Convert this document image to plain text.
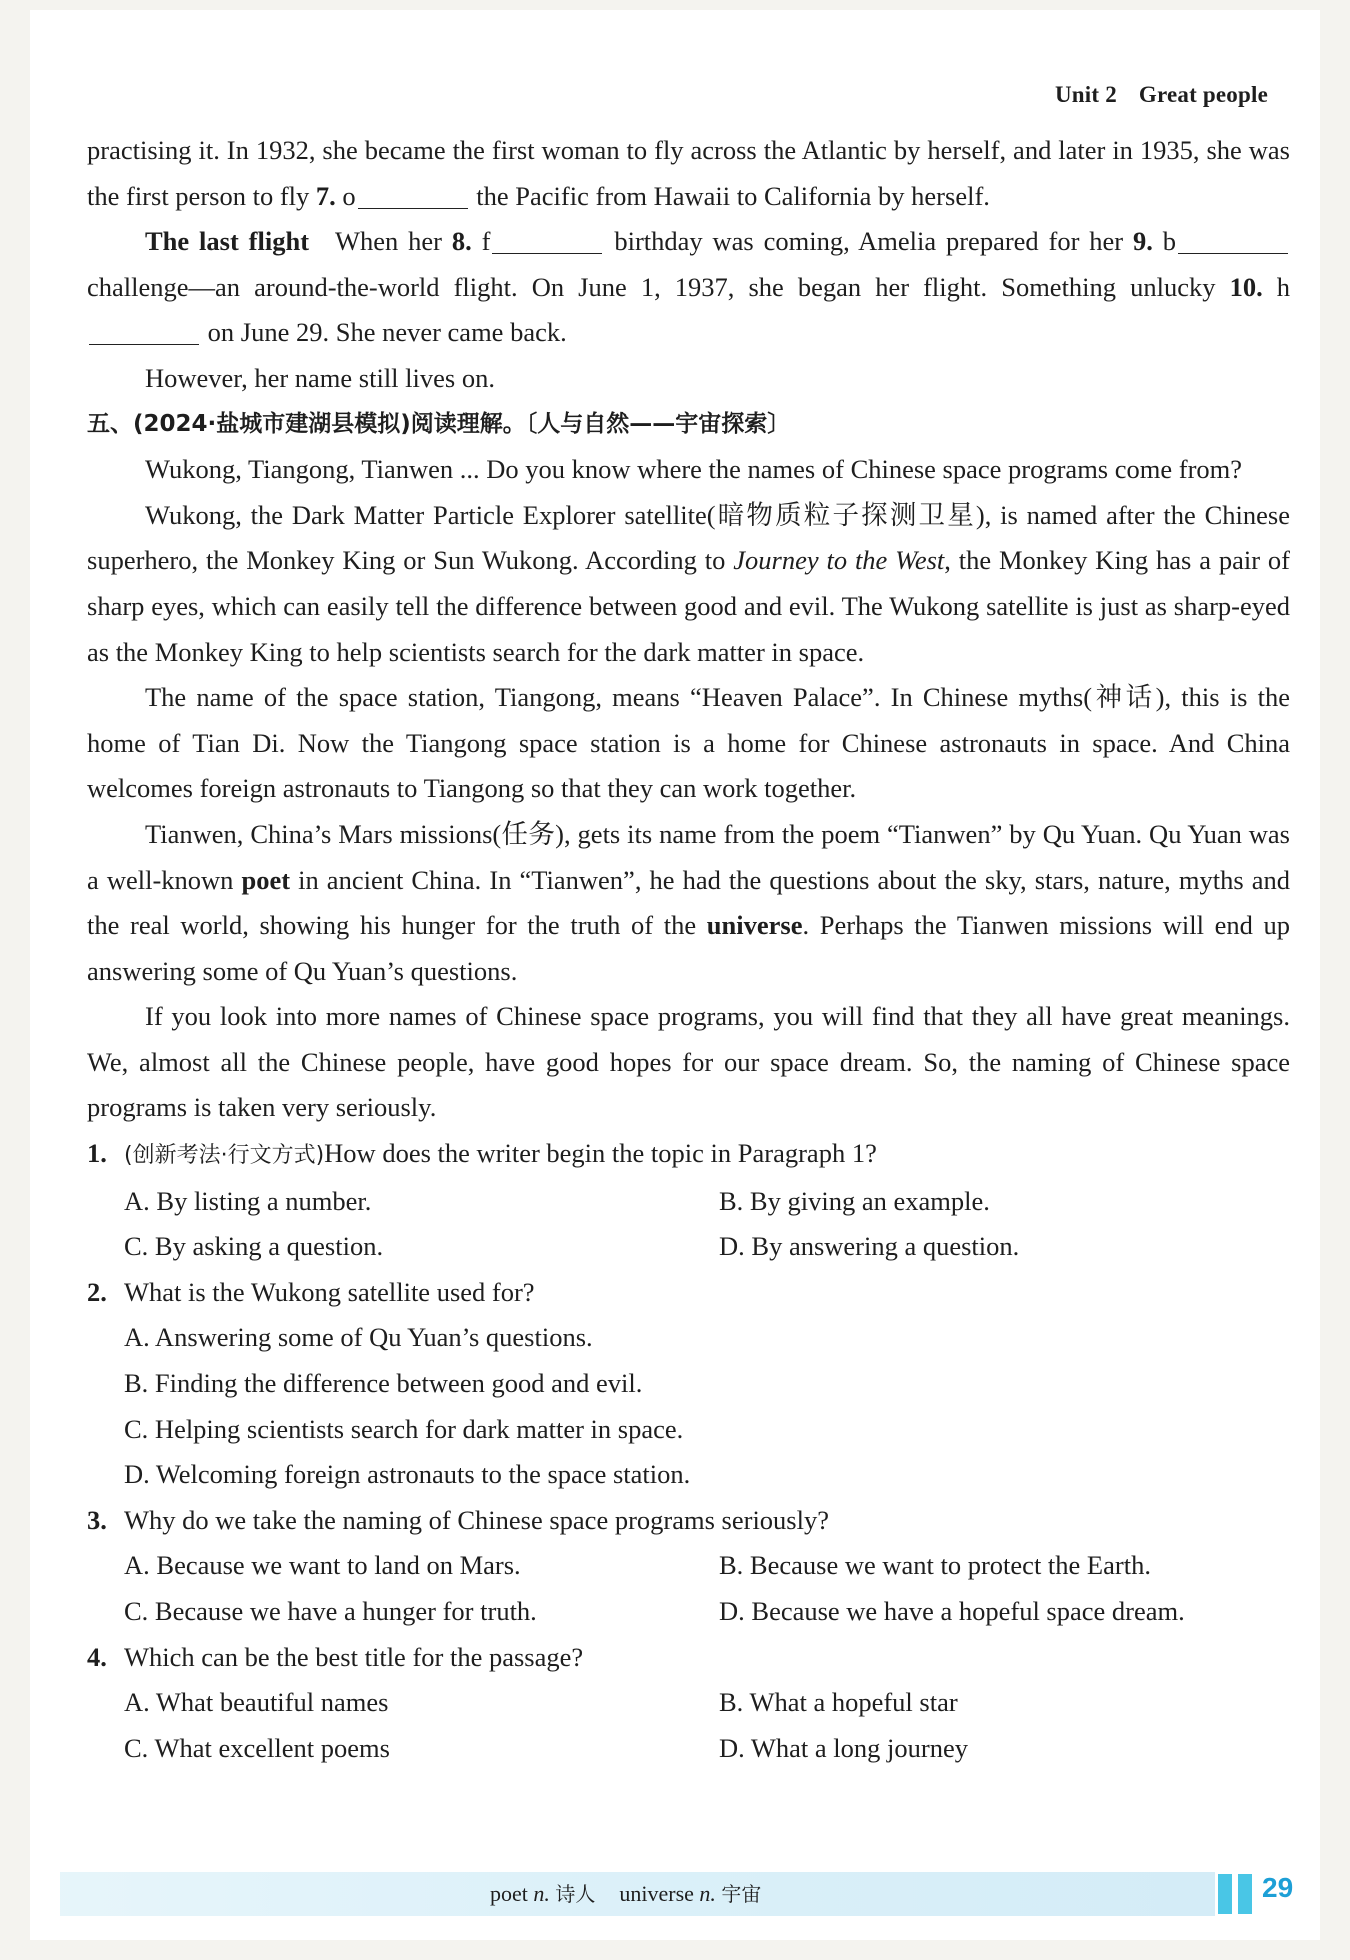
Unit 2 Great people

practising it. In 1932, she became the first woman to fly across the Atlantic by herself, and later in 1935, she was the first person to fly 7. o	the Pacific from Hawaii to California by herself.

The last flight When her 8. f	birthday was coming, Amelia prepared for her 9. b challenge—an around-the-world flight. On June 1, 1937, she began her flight. Something unlucky 10. h on June 29. She never came back.

However, her name still lives on.

五、(2024·盐城市建湖县模拟)阅读理解。〔人与自然——宇宙探索〕

Wukong, Tiangong, Tianwen ... Do you know where the names of Chinese space programs come from?

Wukong, the Dark Matter Particle Explorer satellite(暗物质粒子探测卫星), is named after the Chinese superhero, the Monkey King or Sun Wukong. According to Journey to the West, the Monkey King has a pair of sharp eyes, which can easily tell the difference between good and evil. The Wukong satellite is just as sharp-eyed as the Monkey King to help scientists search for the dark matter in space.

The name of the space station, Tiangong, means “Heaven Palace”. In Chinese myths(神话), this is the home of Tian Di. Now the Tiangong space station is a home for Chinese astronauts in space. And China welcomes foreign astronauts to Tiangong so that they can work together.

Tianwen, China’s Mars missions(任务), gets its name from the poem “Tianwen” by Qu Yuan. Qu Yuan was a well-known poet in ancient China. In “Tianwen”, he had the questions about the sky, stars, nature, myths and the real world, showing his hunger for the truth of the universe. Perhaps the Tianwen missions will end up answering some of Qu Yuan’s questions.

If you look into more names of Chinese space programs, you will find that they all have great meanings. We, almost all the Chinese people, have good hopes for our space dream. So, the naming of Chinese space programs is taken very seriously.

1. (创新考法·行文方式)How does the writer begin the topic in Paragraph 1?
A. By listing a number.	B. By giving an example.
C. By asking a question.	D. By answering a question.
2. What is the Wukong satellite used for?
A. Answering some of Qu Yuan’s questions.
B. Finding the difference between good and evil.
C. Helping scientists search for dark matter in space.
D. Welcoming foreign astronauts to the space station.
3. Why do we take the naming of Chinese space programs seriously?
A. Because we want to land on Mars.	B. Because we want to protect the Earth.
C. Because we have a hunger for truth.	D. Because we have a hopeful space dream.
4. Which can be the best title for the passage?
A. What beautiful names	B. What a hopeful star
C. What excellent poems	D. What a long journey
poet n. 诗人 universe n. 宇宙	29
